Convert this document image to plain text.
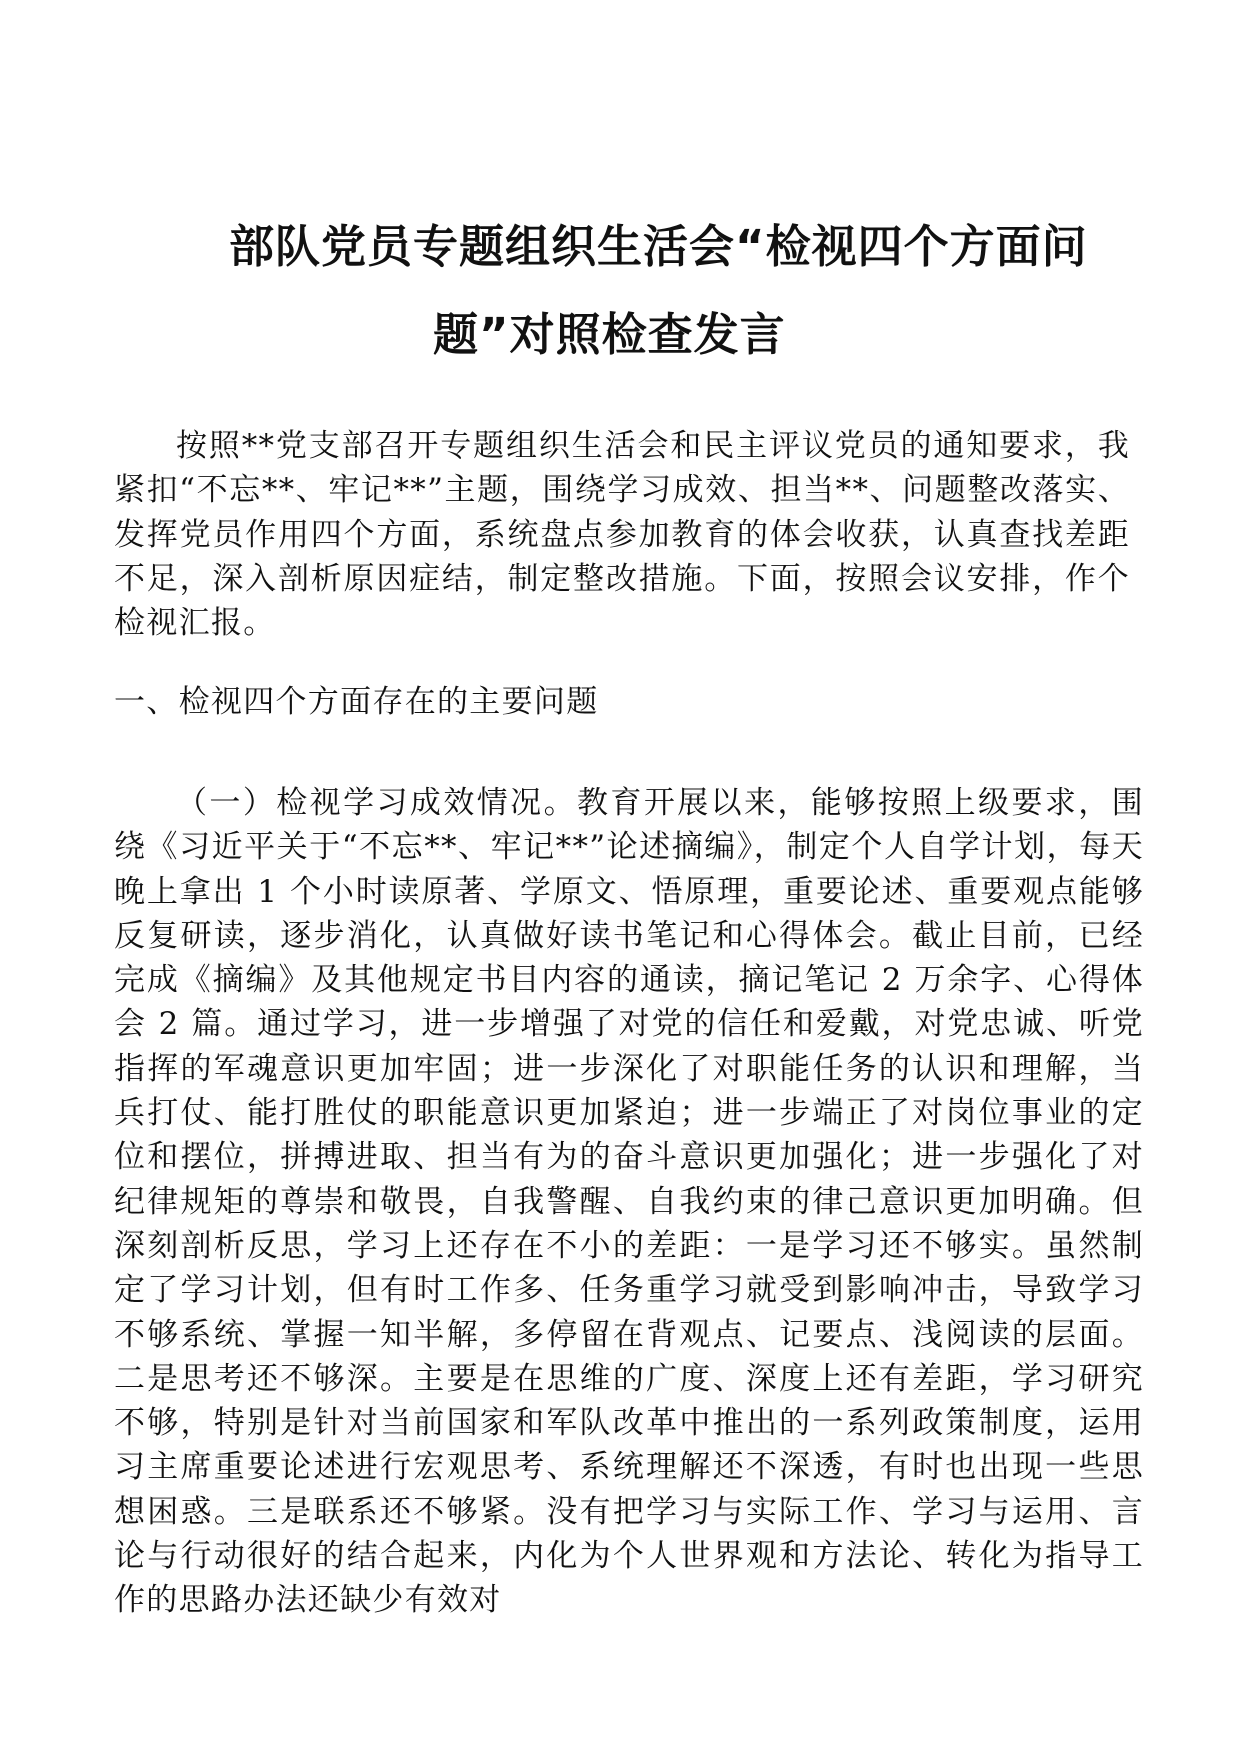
部队党员专题组织生活会“检视四个方面问
题”对照检查发言

按照**党支部召开专题组织生活会和民主评议党员的通知要求，我紧扣“不忘**、牢记**”主题，围绕学习成效、担当**、问题整改落实、发挥党员作用四个方面，系统盘点参加教育的体会收获，认真查找差距不足，深入剖析原因症结，制定整改措施。下面，按照会议安排，作个检视汇报。

一、检视四个方面存在的主要问题

（一）检视学习成效情况。教育开展以来，能够按照上级要求，围绕《习近平关于“不忘**、牢记**”论述摘编》，制定个人自学计划，每天晚上拿出 1 个小时读原著、学原文、悟原理，重要论述、重要观点能够反复研读，逐步消化，认真做好读书笔记和心得体会。截止目前，已经完成《摘编》及其他规定书目内容的通读，摘记笔记 2 万余字、心得体会 2 篇。通过学习，进一步增强了对党的信任和爱戴，对党忠诚、听党指挥的军魂意识更加牢固；进一步深化了对职能任务的认识和理解，当兵打仗、能打胜仗的职能意识更加紧迫；进一步端正了对岗位事业的定位和摆位，拼搏进取、担当有为的奋斗意识更加强化；进一步强化了对纪律规矩的尊崇和敬畏，自我警醒、自我约束的律己意识更加明确。但深刻剖析反思，学习上还存在不小的差距：一是学习还不够实。虽然制定了学习计划，但有时工作多、任务重学习就受到影响冲击，导致学习不够系统、掌握一知半解，多停留在背观点、记要点、浅阅读的层面。二是思考还不够深。主要是在思维的广度、深度上还有差距，学习研究不够，特别是针对当前国家和军队改革中推出的一系列政策制度，运用习主席重要论述进行宏观思考、系统理解还不深透，有时也出现一些思想困惑。三是联系还不够紧。没有把学习与实际工作、学习与运用、言论与行动很好的结合起来，内化为个人世界观和方法论、转化为指导工作的思路办法还缺少有效对
